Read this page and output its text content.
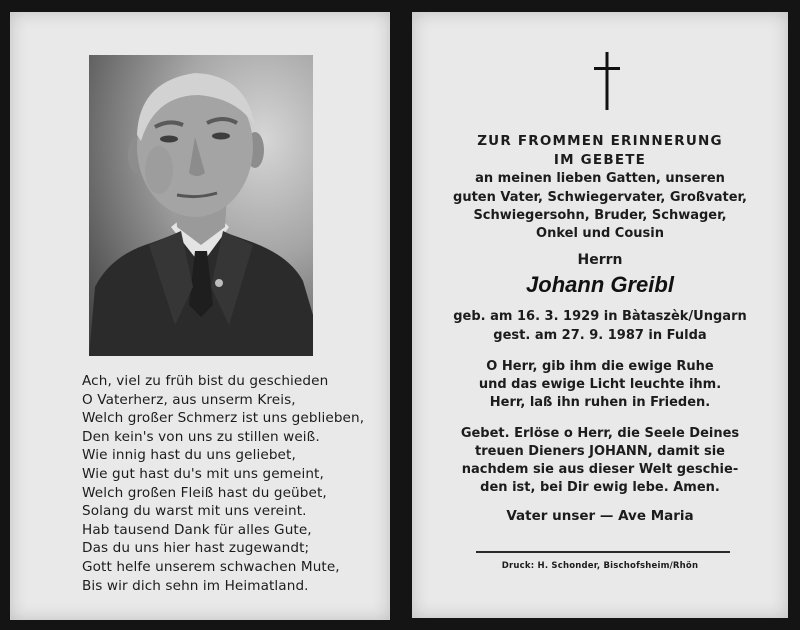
Ach, viel zu früh bist du geschieden
O Vaterherz, aus unserm Kreis,
Welch großer Schmerz ist uns geblieben,
Den kein's von uns zu stillen weiß.
Wie innig hast du uns geliebet,
Wie gut hast du's mit uns gemeint,
Welch großen Fleiß hast du geübet,
Solang du warst mit uns vereint.
Hab tausend Dank für alles Gute,
Das du uns hier hast zugewandt;
Gott helfe unserem schwachen Mute,
Bis wir dich sehn im Heimatland.
ZUR FROMMEN ERINNERUNG
IM GEBETE
an meinen lieben Gatten, unseren
guten Vater, Schwiegervater, Großvater,
Schwiegersohn, Bruder, Schwager,
Onkel und Cousin
Herrn
Johann Greibl
geb. am 16. 3. 1929 in Bàtaszèk/Ungarn
gest. am 27. 9. 1987 in Fulda
O Herr, gib ihm die ewige Ruhe
und das ewige Licht leuchte ihm.
Herr, laß ihn ruhen in Frieden.
Gebet. Erlöse o Herr, die Seele Deines
treuen Dieners JOHANN, damit sie
nachdem sie aus dieser Welt geschie-
den ist, bei Dir ewig lebe. Amen.
Vater unser — Ave Maria
Druck: H. Schonder, Bischofsheim/Rhön
